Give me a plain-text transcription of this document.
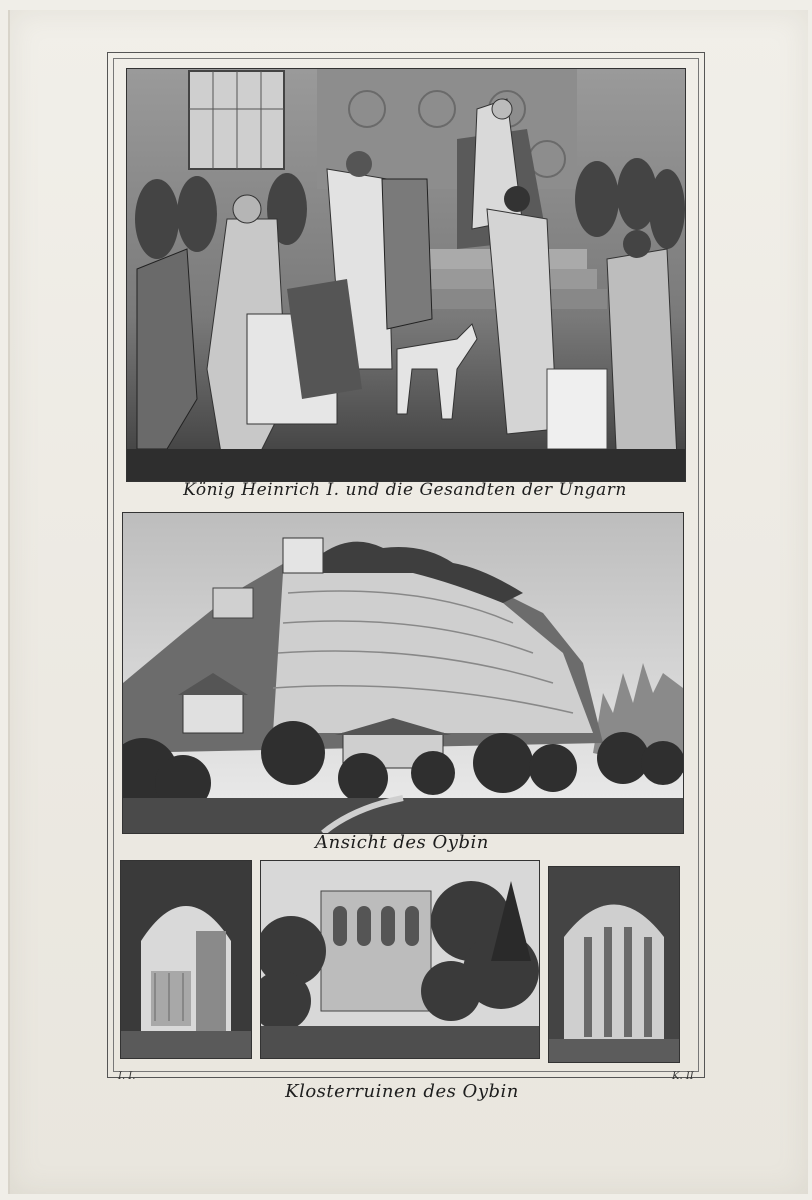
König Heinrich I. und die Gesandten der Ungarn
Ansicht des Oybin
I. I.	K. II
Klosterruinen des Oybin
